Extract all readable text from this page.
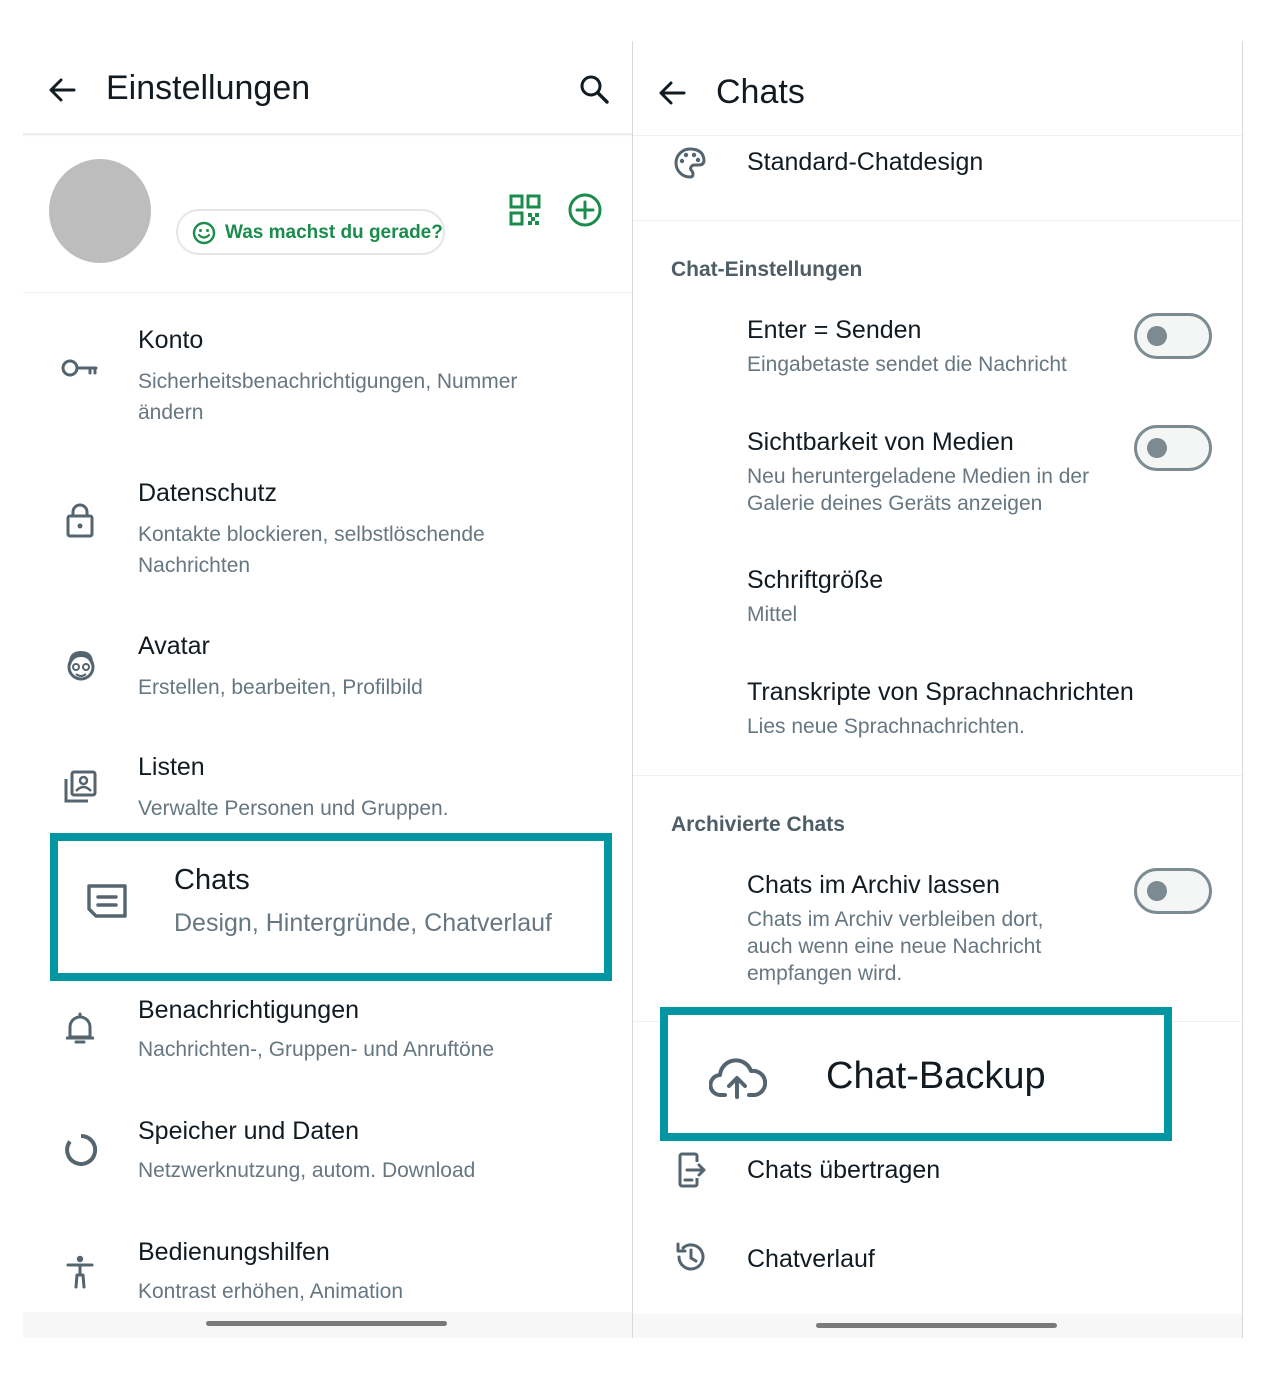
Einstellungen
Was machst du gerade?
Konto
Sicherheitsbenachrichtigungen, Nummer
ändern
Datenschutz
Kontakte blockieren, selbstlöschende
Nachrichten
Avatar
Erstellen, bearbeiten, Profilbild
Listen
Verwalte Personen und Gruppen.
Chats
Design, Hintergründe, Chatverlauf
Benachrichtigungen
Nachrichten-, Gruppen- und Anruftöne
Speicher und Daten
Netzwerknutzung, autom. Download
Bedienungshilfen
Kontrast erhöhen, Animation
Chats
Standard-Chatdesign
Chat-Einstellungen
Enter = Senden
Eingabetaste sendet die Nachricht
Sichtbarkeit von Medien
Neu heruntergeladene Medien in der
Galerie deines Geräts anzeigen
Schriftgröße
Mittel
Transkripte von Sprachnachrichten
Lies neue Sprachnachrichten.
Archivierte Chats
Chats im Archiv lassen
Chats im Archiv verbleiben dort,
auch wenn eine neue Nachricht
empfangen wird.
Chat-Backup
Chats übertragen
Chatverlauf
